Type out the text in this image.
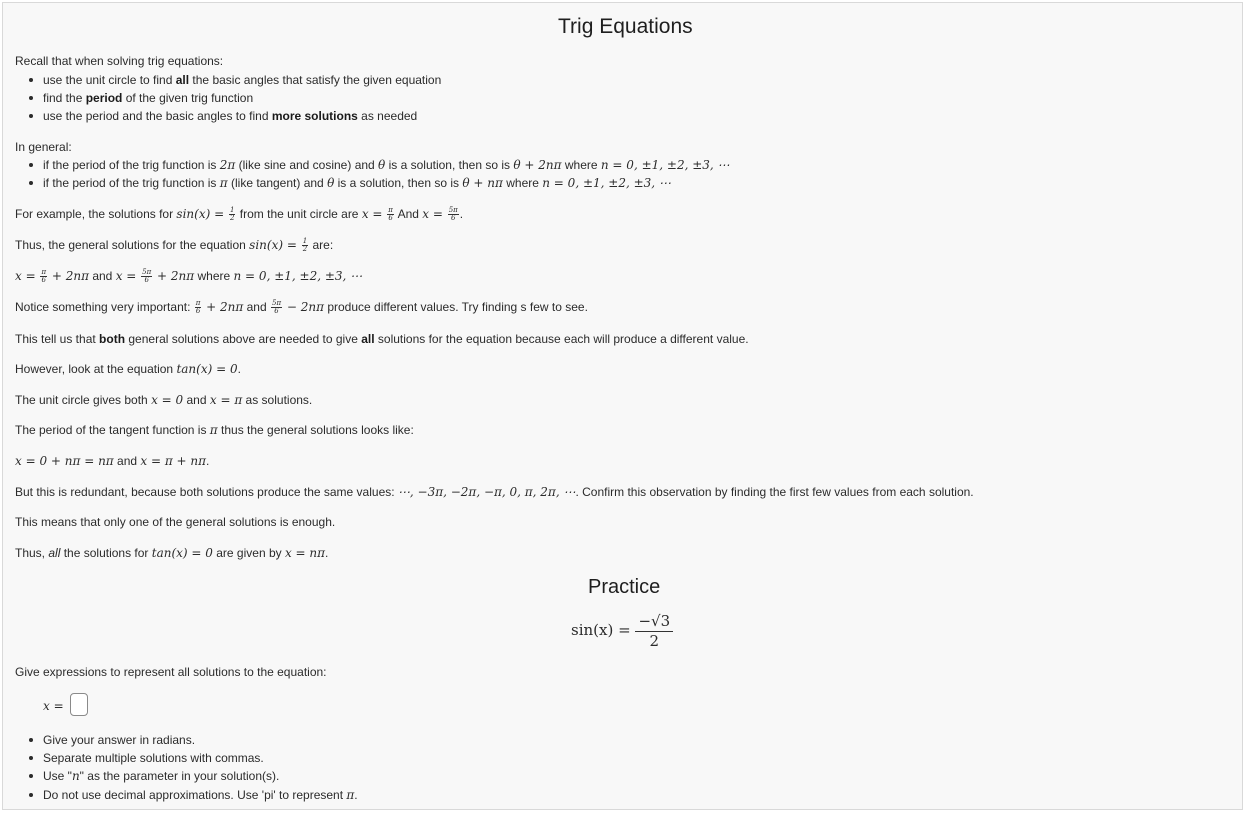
Trig Equations
Recall that when solving trig equations:
use the unit circle to find all the basic angles that satisfy the given equation
find the period of the given trig function
use the period and the basic angles to find more solutions as needed
In general:
if the period of the trig function is 2π (like sine and cosine) and θ is a solution, then so is θ + 2nπ where n = 0, ±1, ±2, ±3, ⋯
if the period of the trig function is π (like tangent) and θ is a solution, then so is θ + nπ where n = 0, ±1, ±2, ±3, ⋯
For example, the solutions for $\sin(x) = \frac{1}{2}$ from the unit circle are $x = \frac{\pi}{6}$ And $x = \frac{5\pi}{6}$ .
Thus, the general solutions for the equation $\sin(x) = \frac{1}{2}$ are:
$x = \frac{\pi}{6} + 2n\pi$ and $x = \frac{5\pi}{6} + 2n\pi$ where n = 0, ±1, ±2, ±3, ⋯
Notice something very important: $\frac{\pi}{6} + 2n\pi$ and $\frac{5\pi}{6} - 2n\pi$ produce different values. Try finding s few to see.
This tell us that both general solutions above are needed to give all solutions for the equation because each will produce a different value.
However, look at the equation tan(x) = 0.
The unit circle gives both x = 0 and x = π as solutions.
The period of the tangent function is π thus the general solutions looks like:
x = 0 + nπ = nπ and x = π + nπ.
But this is redundant, because both solutions produce the same values: ⋯, −3π, −2π, −π, 0, π, 2π, ⋯. Confirm this observation by finding the first few values from each solution.
This means that only one of the general solutions is enough.
Thus, all the solutions for tan(x) = 0 are given by x = nπ.
Practice
$\sin(x) = \frac{-√3}{2}$
Give expressions to represent all solutions to the equation:
x =
Give your answer in radians.
Separate multiple solutions with commas.
Use "n" as the parameter in your solution(s).
Do not use decimal approximations. Use 'pi' to represent π.
